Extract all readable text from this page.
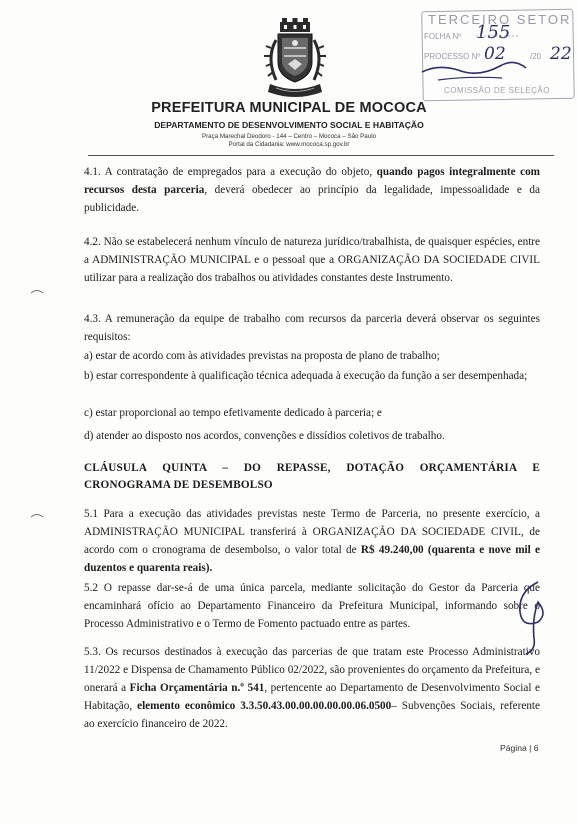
TERCEIRO SETOR
FOLHA Nº 155
PROCESSO Nº 02	/20 22
COMISSÃO DE SELEÇÃO
PREFEITURA MUNICIPAL DE MOCOCA
DEPARTAMENTO DE DESENVOLVIMENTO SOCIAL E HABITAÇÃO
Praça Marechal Deodoro - 144 – Centro – Mococa – São Paulo
Portal da Cidadania: www.mococa.sp.gov.br
4.1. A contratação de empregados para a execução do objeto, quando pagos integralmente com recursos desta parceria, deverá obedecer ao princípio da legalidade, impessoalidade e da publicidade.
4.2. Não se estabelecerá nenhum vínculo de natureza jurídico/trabalhista, de quaisquer espécies, entre a ADMINISTRAÇÃO MUNICIPAL e o pessoal que a ORGANIZAÇÃO DA SOCIEDADE CIVIL utilizar para a realização dos trabalhos ou atividades constantes deste Instrumento.
4.3. A remuneração da equipe de trabalho com recursos da parceria deverá observar os seguintes requisitos:
a) estar de acordo com às atividades previstas na proposta de plano de trabalho;
b) estar correspondente à qualificação técnica adequada à execução da função a ser desempenhada;
c) estar proporcional ao tempo efetivamente dedicado à parceria; e
d) atender ao disposto nos acordos, convenções e dissídios coletivos de trabalho.
CLÁUSULA QUINTA – DO REPASSE, DOTAÇÃO ORÇAMENTÁRIA E CRONOGRAMA DE DESEMBOLSO
5.1 Para a execução das atividades previstas neste Termo de Parceria, no presente exercício, a ADMINISTRAÇÃO MUNICIPAL transferirá à ORGANIZAÇÃO DA SOCIEDADE CIVIL, de acordo com o cronograma de desembolso, o valor total de R$ 49.240,00 (quarenta e nove mil e duzentos e quarenta reais).
5.2 O repasse dar-se-á de uma única parcela, mediante solicitação do Gestor da Parceria que encaminhará ofício ao Departamento Financeiro da Prefeitura Municipal, informando sobre o Processo Administrativo e o Termo de Fomento pactuado entre as partes.
5.3. Os recursos destinados à execução das parcerias de que tratam este Processo Administrativo 11/2022 e Dispensa de Chamamento Público 02/2022, são provenientes do orçamento da Prefeitura, e onerará a Ficha Orçamentária n.º 541, pertencente ao Departamento de Desenvolvimento Social e Habitação, elemento econômico 3.3.50.43.00.00.00.00.00.06.0500– Subvenções Sociais, referente ao exercício financeiro de 2022.
Página | 6
